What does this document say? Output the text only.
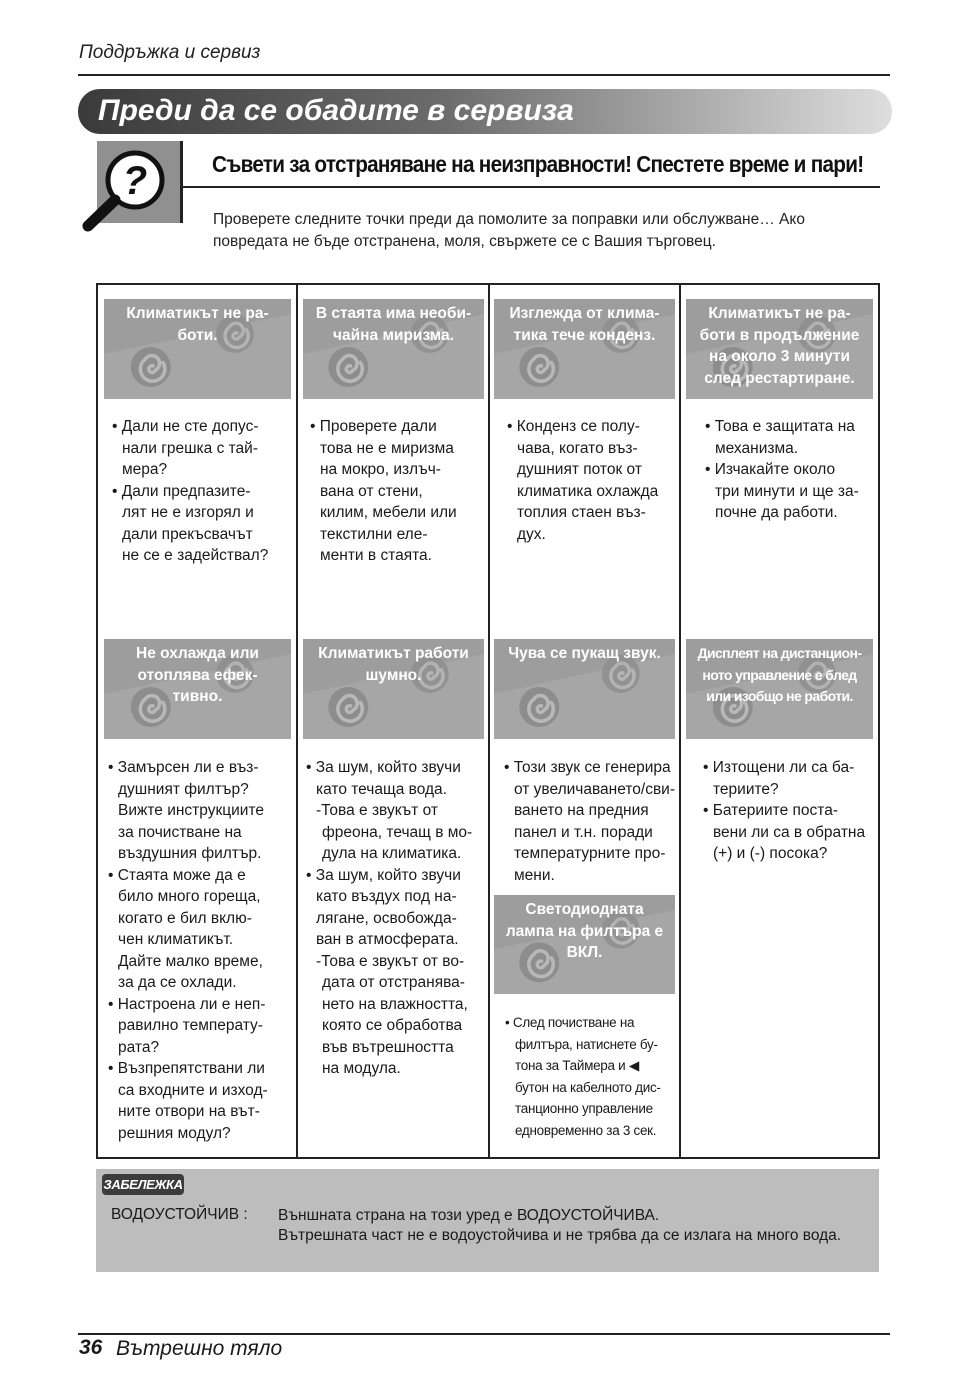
Поддръжка и сервиз
Преди да се обадите в сервиза
?	Съвети за отстраняване на неизправности! Спестете време и пари!
Проверете следните точки преди да помолите за поправки или обслужване… Ако повредата не бъде отстранена, моля, свържете се с Вашия търговец.
Климатикът не ра-
боти.
В стаята има необи-
чайна миризма.
Изглежда от клима-
тика тече конденз.
Климатикът не ра-
боти в продължение
на около 3 минути
след рестартиране.
• Дали не сте допус-
нали грешка с тай-
мера?
• Дали предпазите-
лят не е изгорял и
дали прекъсвачът
не се е задействал?
• Проверете дали
това не е миризма
на мокро, излъч-
вана от стени,
килим, мебели или
текстилни еле-
менти в стаята.
• Конденз се полу-
чава, когато въз-
душният поток от
климатика охлажда
топлия стаен въз-
дух.
• Това е защитата на
механизма.
• Изчакайте около
три минути и ще за-
почне да работи.
Не охлажда или
отоплява ефек-
тивно.
Климатикът работи
шумно.
Чува се пукащ звук.	Дисплеят на дистанцион-
ното управление е блед
или изобщо не работи.
• Замърсен ли е въз-
душният филтър?
Вижте инструкциите
за почистване на
въздушния филтър.
• Стаята може да е
било много гореща,
когато е бил вклю-
чен климатикът.
Дайте малко време,
за да се охлади.
• Настроена ли е неп-
равилно температу-
рата?
• Възпрепятствани ли
са входните и изход-
ните отвори на вът-
решния модул?
• За шум, който звучи
като течаща вода.
-Това е звукът от
фреона, течащ в мо-
дула на климатика.
• За шум, който звучи
като въздух под на-
лягане, освобожда-
ван в атмосферата.
-Това е звукът от во-
дата от отстранява-
нето на влажността,
която се обработва
във вътрешността
на модула.
• Този звук се генерира
от увеличаването/сви-
ването на предния
панел и т.н. поради
температурните про-
мени.
• Изтощени ли са ба-
териите?
• Батериите поста-
вени ли са в обратна
(+) и (-) посока?
Светодиодната
лампа на филтъра е
ВКЛ.
• След почистване на
филтъра, натиснете бу-
тона за Таймера и ◀
бутон на кабелното дис-
танционно управление
едновременно за 3 сек.
ЗАБЕЛЕЖКА
ВОДОУСТОЙЧИВ : Външната страна на този уред е ВОДОУСТОЙЧИВА.
Вътрешната част не е водоустойчива и не трябва да се излага на много вода.
36 Вътрешно тяло
